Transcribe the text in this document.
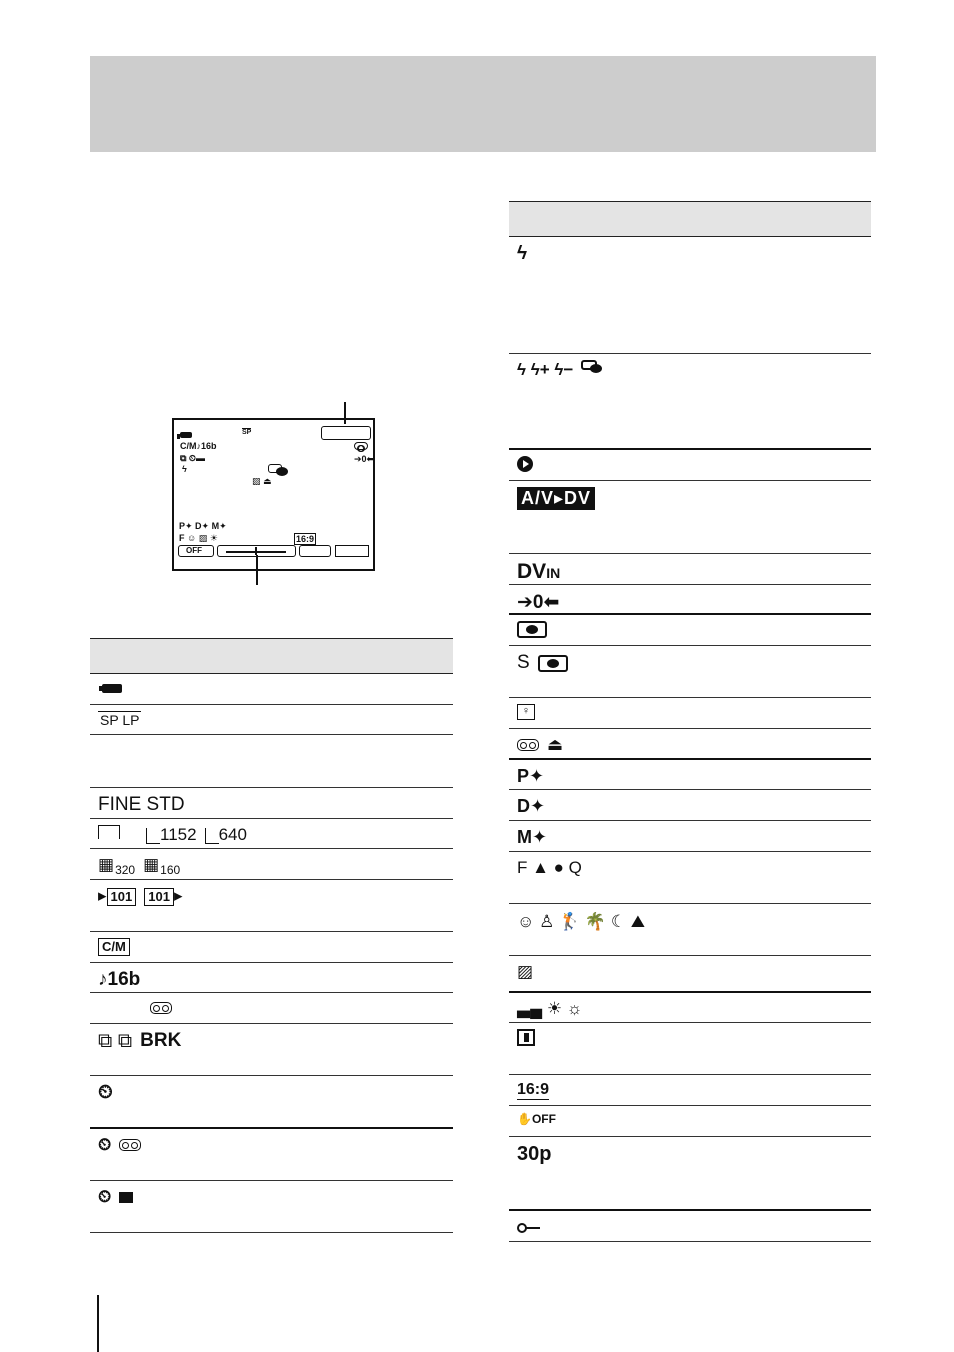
SP
C/M♪16b
⧉ ⏲▬	➔0⬅
ϟ
▨ ⏏
P✦ D✦ M✦
F ☺ ▨ ☀	16:9
OFF
SP LP
FINE STD
1152	640
$▦_{320}$ $▦_{160}$
▸ 101	101 ▸
C/M
♪16b
⧉ ⧉ BRK
⏲
⏲
⏲
ϟ
ϟ ϟ+ ϟ−
A/V▸DV
DVIN
➔0⬅
S
♀
⏏
P✦
D✦
M✦
F ▲ ● Q
☺ ♙ 🏌 🌴 ☾ ⛰
▨
▃▄ ☀ ☼
16:9
✋OFF
30p
